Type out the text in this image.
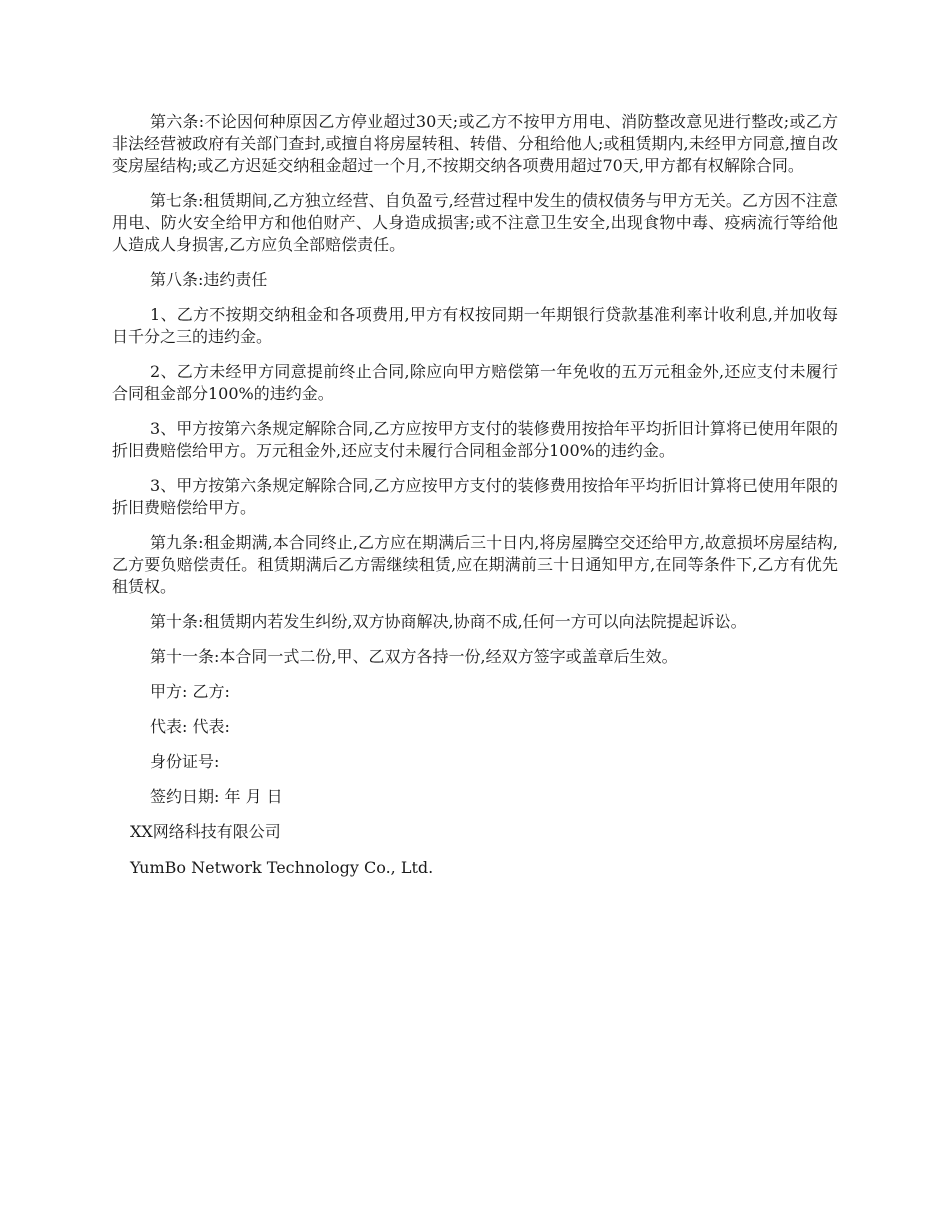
第六条:不论因何种原因乙方停业超过30天;或乙方不按甲方用电、消防整改意见进行整改;或乙方非法经营被政府有关部门查封,或擅自将房屋转租、转借、分租给他人;或租赁期内,未经甲方同意,擅自改变房屋结构;或乙方迟延交纳租金超过一个月,不按期交纳各项费用超过70天,甲方都有权解除合同。

第七条:租赁期间,乙方独立经营、自负盈亏,经营过程中发生的债权债务与甲方无关。乙方因不注意用电、防火安全给甲方和他伯财产、人身造成损害;或不注意卫生安全,出现食物中毒、疫病流行等给他人造成人身损害,乙方应负全部赔偿责任。

第八条:违约责任

1、乙方不按期交纳租金和各项费用,甲方有权按同期一年期银行贷款基准利率计收利息,并加收每日千分之三的违约金。

2、乙方未经甲方同意提前终止合同,除应向甲方赔偿第一年免收的五万元租金外,还应支付未履行合同租金部分100%的违约金。

3、甲方按第六条规定解除合同,乙方应按甲方支付的装修费用按拾年平均折旧计算将已使用年限的折旧费赔偿给甲方。万元租金外,还应支付未履行合同租金部分100%的违约金。

3、甲方按第六条规定解除合同,乙方应按甲方支付的装修费用按拾年平均折旧计算将已使用年限的折旧费赔偿给甲方。

第九条:租金期满,本合同终止,乙方应在期满后三十日内,将房屋腾空交还给甲方,故意损坏房屋结构,乙方要负赔偿责任。租赁期满后乙方需继续租赁,应在期满前三十日通知甲方,在同等条件下,乙方有优先租赁权。

第十条:租赁期内若发生纠纷,双方协商解决,协商不成,任何一方可以向法院提起诉讼。

第十一条:本合同一式二份,甲、乙双方各持一份,经双方签字或盖章后生效。

甲方: 乙方:

代表: 代表:

身份证号:

签约日期: 年 月 日

XX网络科技有限公司

YumBo Network Technology Co., Ltd.
